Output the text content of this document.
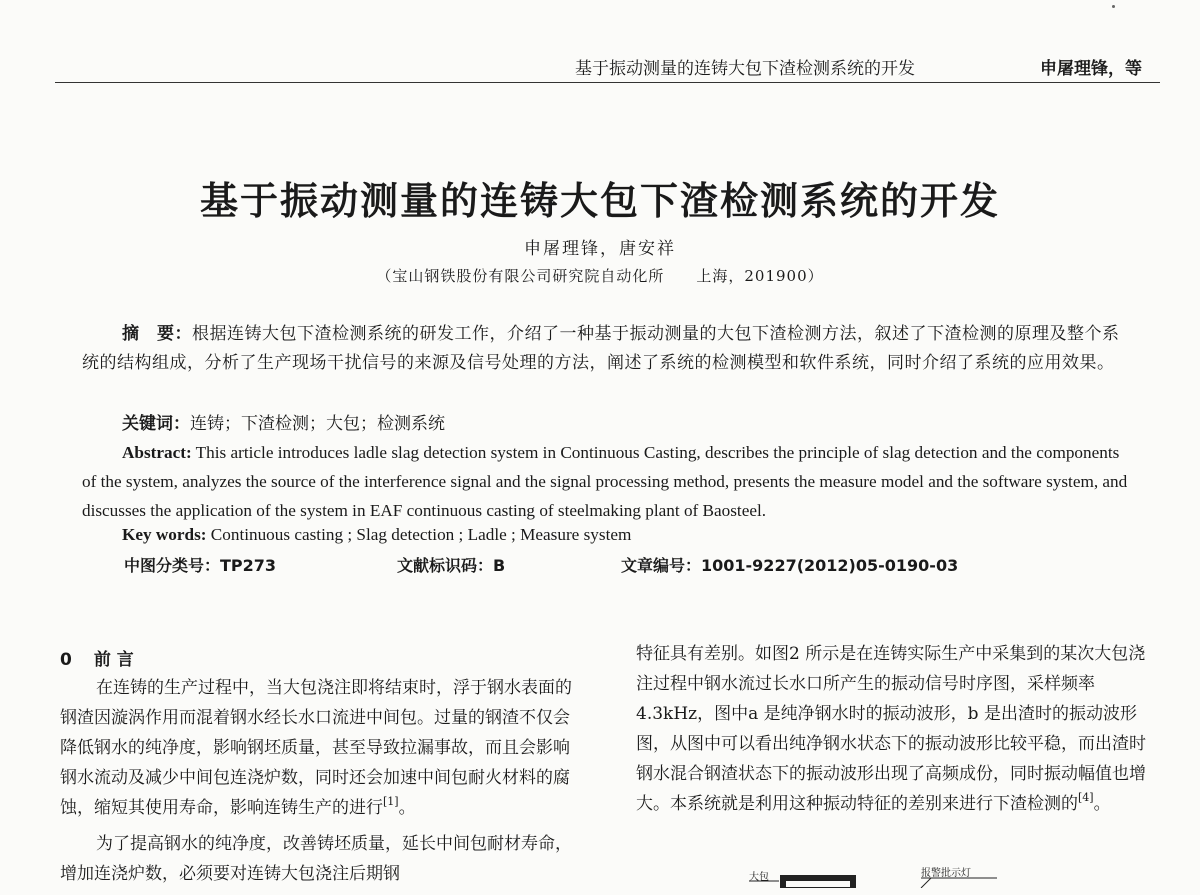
基于振动测量的连铸大包下渣检测系统的开发	申屠理锋，等
基于振动测量的连铸大包下渣检测系统的开发
申屠理锋，唐安祥
（宝山钢铁股份有限公司研究院自动化所　　上海，201900）
摘　要：根据连铸大包下渣检测系统的研发工作，介绍了一种基于振动测量的大包下渣检测方法，叙述了下渣检测的原理及整个系统的结构组成，分析了生产现场干扰信号的来源及信号处理的方法，阐述了系统的检测模型和软件系统，同时介绍了系统的应用效果。
关键词：连铸；下渣检测；大包；检测系统
Abstract: This article introduces ladle slag detection system in Continuous Casting, describes the principle of slag detection and the components of the system, analyzes the source of the interference signal and the signal processing method, presents the measure model and the software system, and discusses the application of the system in EAF continuous casting of steelmaking plant of Baosteel.
Key words: Continuous casting ; Slag detection ; Ladle ; Measure system
中图分类号：TP273	文献标识码：B	文章编号：1001-9227(2012)05-0190-03
0 前 言

在连铸的生产过程中，当大包浇注即将结束时，浮于钢水表面的钢渣因漩涡作用而混着钢水经长水口流进中间包。过量的钢渣不仅会降低钢水的纯净度，影响钢坯质量，甚至导致拉漏事故，而且会影响钢水流动及减少中间包连浇炉数，同时还会加速中间包耐火材料的腐蚀，缩短其使用寿命，影响连铸生产的进行[1]。

为了提高钢水的纯净度，改善铸坯质量，延长中间包耐材寿命，增加连浇炉数，必须要对连铸大包浇注后期钢

特征具有差别。如图2 所示是在连铸实际生产中采集到的某次大包浇注过程中钢水流过长水口所产生的振动信号时序图，采样频率4.3kHz，图中a 是纯净钢水时的振动波形，b 是出渣时的振动波形图，从图中可以看出纯净钢水状态下的振动波形比较平稳，而出渣时钢水混合钢渣状态下的振动波形出现了高频成份，同时振动幅值也增大。本系统就是利用这种振动特征的差别来进行下渣检测的[4]。

大包	报警批示灯
